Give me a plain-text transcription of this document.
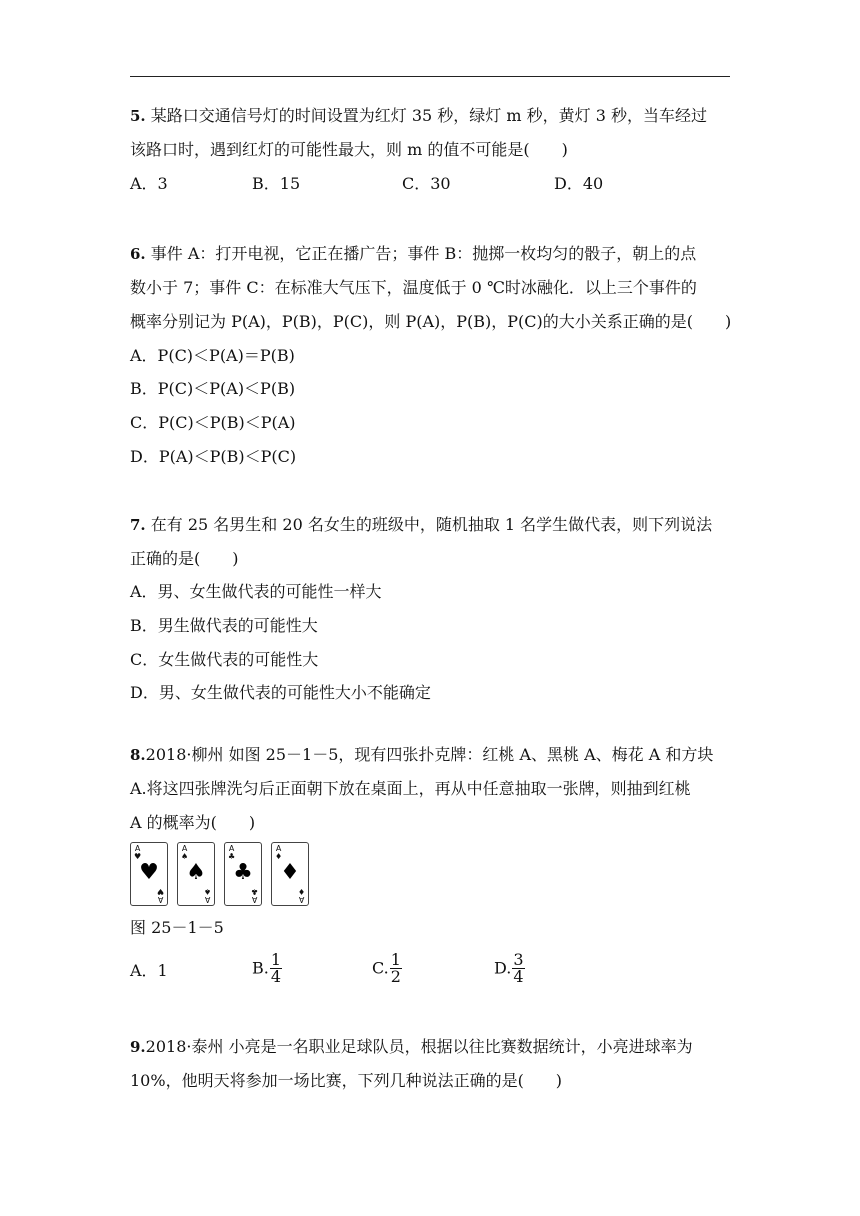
5. 某路口交通信号灯的时间设置为红灯 35 秒，绿灯 m 秒，黄灯 3 秒，当车经过
该路口时，遇到红灯的可能性最大，则 m 的值不可能是(　　)
A．3	B．15	C．30	D．40
6. 事件 A：打开电视，它正在播广告；事件 B：抛掷一枚均匀的骰子，朝上的点
数小于 7；事件 C：在标准大气压下，温度低于 0 ℃时冰融化．以上三个事件的
概率分别记为 P(A)，P(B)，P(C)，则 P(A)，P(B)，P(C)的大小关系正确的是(　　)
A．P(C)＜P(A)＝P(B)
B．P(C)＜P(A)＜P(B)
C．P(C)＜P(B)＜P(A)
D．P(A)＜P(B)＜P(C)
7. 在有 25 名男生和 20 名女生的班级中，随机抽取 1 名学生做代表，则下列说法
正确的是(　　)
A．男、女生做代表的可能性一样大
B．男生做代表的可能性大
C．女生做代表的可能性大
D．男、女生做代表的可能性大小不能确定
8.2018·柳州 如图 25－1－5，现有四张扑克牌：红桃 A、黑桃 A、梅花 A 和方块
A.将这四张牌洗匀后正面朝下放在桌面上，再从中任意抽取一张牌，则抽到红桃
A 的概率为(　　)
A
♥
♥
A
♥
A
♠
♠
A
♠
A
♣
♣
A
♣
A
♦
♦
A
♦
图 25－1－5
A．1	B. $\frac{1}{4}$	C. $\frac{1}{2}$	D. $\frac{3}{4}$
9.2018·泰州 小亮是一名职业足球队员，根据以往比赛数据统计，小亮进球率为
10%，他明天将参加一场比赛，下列几种说法正确的是(　　)
